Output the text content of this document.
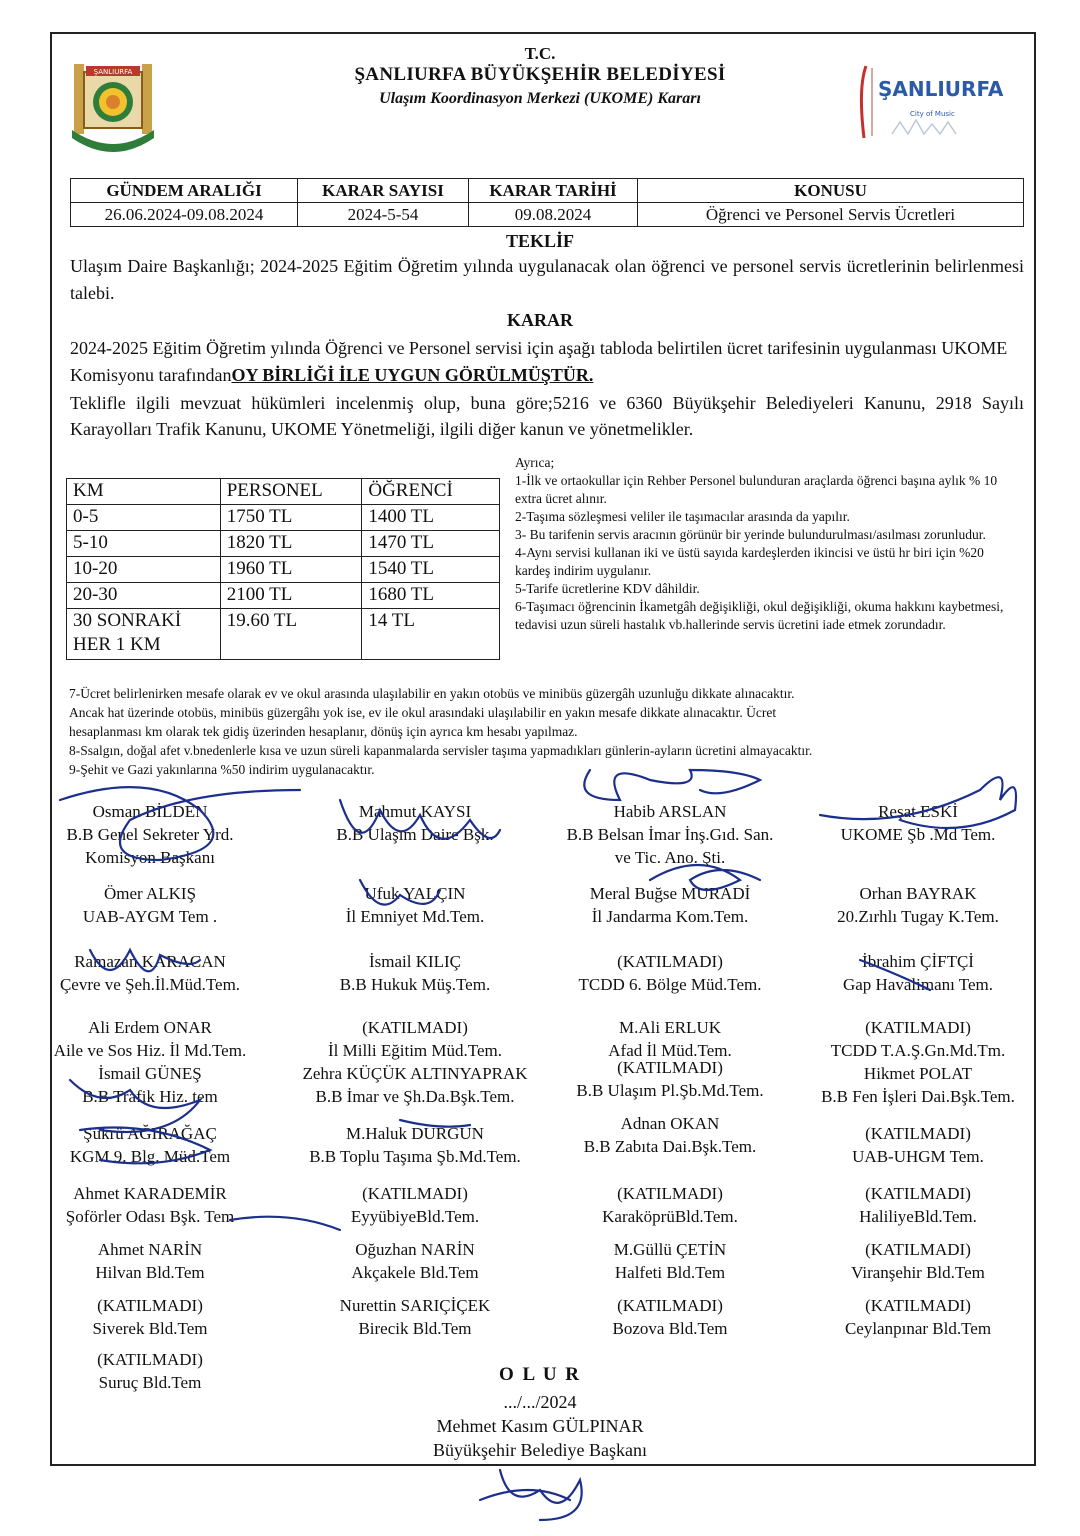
ŞANLIURFA
ŞANLIURFA
City of Music
T.C.
ŞANLIURFA BÜYÜKŞEHİR BELEDİYESİ
Ulaşım Koordinasyon Merkezi (UKOME) Kararı
GÜNDEM ARALIĞI	KARAR SAYISI	KARAR TARİHİ	KONUSU
26.06.2024-09.08.2024	2024-5-54	09.08.2024	Öğrenci ve Personel Servis Ücretleri
TEKLİF
Ulaşım Daire Başkanlığı; 2024-2025 Eğitim Öğretim yılında uygulanacak olan öğrenci ve personel servis ücretlerinin belirlenmesi talebi.
KARAR
2024-2025 Eğitim Öğretim yılında Öğrenci ve Personel servisi için aşağı tabloda belirtilen ücret tarifesinin uygulanması UKOME Komisyonu tarafındanOY BİRLİĞİ İLE UYGUN GÖRÜLMÜŞTÜR.
Teklifle ilgili mevzuat hükümleri incelenmiş olup, buna göre;5216 ve 6360 Büyükşehir Belediyeleri Kanunu, 2918 Sayılı Karayolları Trafik Kanunu, UKOME Yönetmeliği, ilgili diğer kanun ve yönetmelikler.
KM	PERSONEL	ÖĞRENCİ
0-5	1750 TL	1400 TL
5-10	1820 TL	1470 TL
10-20	1960 TL	1540 TL
20-30	2100 TL	1680 TL

30 SONRAKİ
HER 1 KM	19.60 TL	14 TL
Ayrıca;
1-İlk ve ortaokullar için Rehber Personel bulunduran araçlarda öğrenci başına aylık % 10 extra ücret alınır.
2-Taşıma sözleşmesi veliler ile taşımacılar arasında da yapılır.
3- Bu tarifenin servis aracının görünür bir yerinde bulundurulması/asılması zorunludur.
4-Aynı servisi kullanan iki ve üstü sayıda kardeşlerden ikincisi ve üstü hr biri için %20 kardeş indirim uygulanır.
5-Tarife ücretlerine KDV dâhildir.
6-Taşımacı öğrencinin İkametgâh değişikliği, okul değişikliği, okuma hakkını kaybetmesi, tedavisi uzun süreli hastalık vb.hallerinde servis ücretini iade etmek zorundadır.
7-Ücret belirlenirken mesafe olarak ev ve okul arasında ulaşılabilir en yakın otobüs ve minibüs güzergâh uzunluğu dikkate alınacaktır.
Ancak hat üzerinde otobüs, minibüs güzergâhı yok ise, ev ile okul arasındaki ulaşılabilir en yakın mesafe dikkate alınacaktır. Ücret
hesaplanması km olarak tek gidiş üzerinden hesaplanır, dönüş için ayrıca km hesabı yapılmaz.
8-Ssalgın, doğal afet v.bnedenlerle kısa ve uzun süreli kapanmalarda servisler taşıma yapmadıkları günlerin-ayların ücretini almayacaktır.
9-Şehit ve Gazi yakınlarına %50 indirim uygulanacaktır.
Osman BİLDEN
B.B Genel Sekreter Yrd.
Komisyon Başkanı
Mahmut KAYSI
B.B Ulaşım Daire Bşk.
Habib ARSLAN
B.B Belsan İmar İnş.Gıd. San.
ve Tic. Ano. Şti.
Reşat ESKİ
UKOME Şb .Md Tem.
Ömer ALKIŞ
UAB-AYGM Tem .
Ufuk YALÇIN
İl Emniyet Md.Tem.
Meral Buğse MURADİ
İl Jandarma Kom.Tem.
Orhan BAYRAK
20.Zırhlı Tugay K.Tem.
Ramazan KARACAN
Çevre ve Şeh.İl.Müd.Tem.
İsmail KILIÇ
B.B Hukuk Müş.Tem.
(KATILMADI)
TCDD 6. Bölge Müd.Tem.
İbrahim ÇİFTÇİ
Gap Havalimanı Tem.
Ali Erdem ONAR
Aile ve Sos Hiz. İl Md.Tem.
(KATILMADI)
İl Milli Eğitim Müd.Tem.
M.Ali ERLUK
Afad İl Müd.Tem.
(KATILMADI)
TCDD T.A.Ş.Gn.Md.Tm.
İsmail GÜNEŞ
B.B Trafik Hiz. tem
Zehra KÜÇÜK ALTINYAPRAK
B.B İmar ve Şh.Da.Bşk.Tem.
(KATILMADI)
B.B Ulaşım Pl.Şb.Md.Tem.
Hikmet POLAT
B.B Fen İşleri Dai.Bşk.Tem.
Şükrü AĞIRAĞAÇ
KGM 9. Blg. Müd.Tem
M.Haluk DURGUN
B.B Toplu Taşıma Şb.Md.Tem.
Adnan OKAN
B.B Zabıta Dai.Bşk.Tem.
(KATILMADI)
UAB-UHGM Tem.
Ahmet KARADEMİR
Şoförler Odası Bşk. Tem
(KATILMADI)
EyyübiyeBld.Tem.
(KATILMADI)
KaraköprüBld.Tem.
(KATILMADI)
HaliliyeBld.Tem.
Ahmet NARİN
Hilvan Bld.Tem
Oğuzhan NARİN
Akçakele Bld.Tem
M.Güllü ÇETİN
Halfeti Bld.Tem
(KATILMADI)
Viranşehir Bld.Tem
(KATILMADI)
Siverek Bld.Tem
Nurettin SARIÇİÇEK
Birecik Bld.Tem
(KATILMADI)
Bozova Bld.Tem
(KATILMADI)
Ceylanpınar Bld.Tem
(KATILMADI)
Suruç Bld.Tem	O L U R
.../.../2024
Mehmet Kasım GÜLPINAR
Büyükşehir Belediye Başkanı
